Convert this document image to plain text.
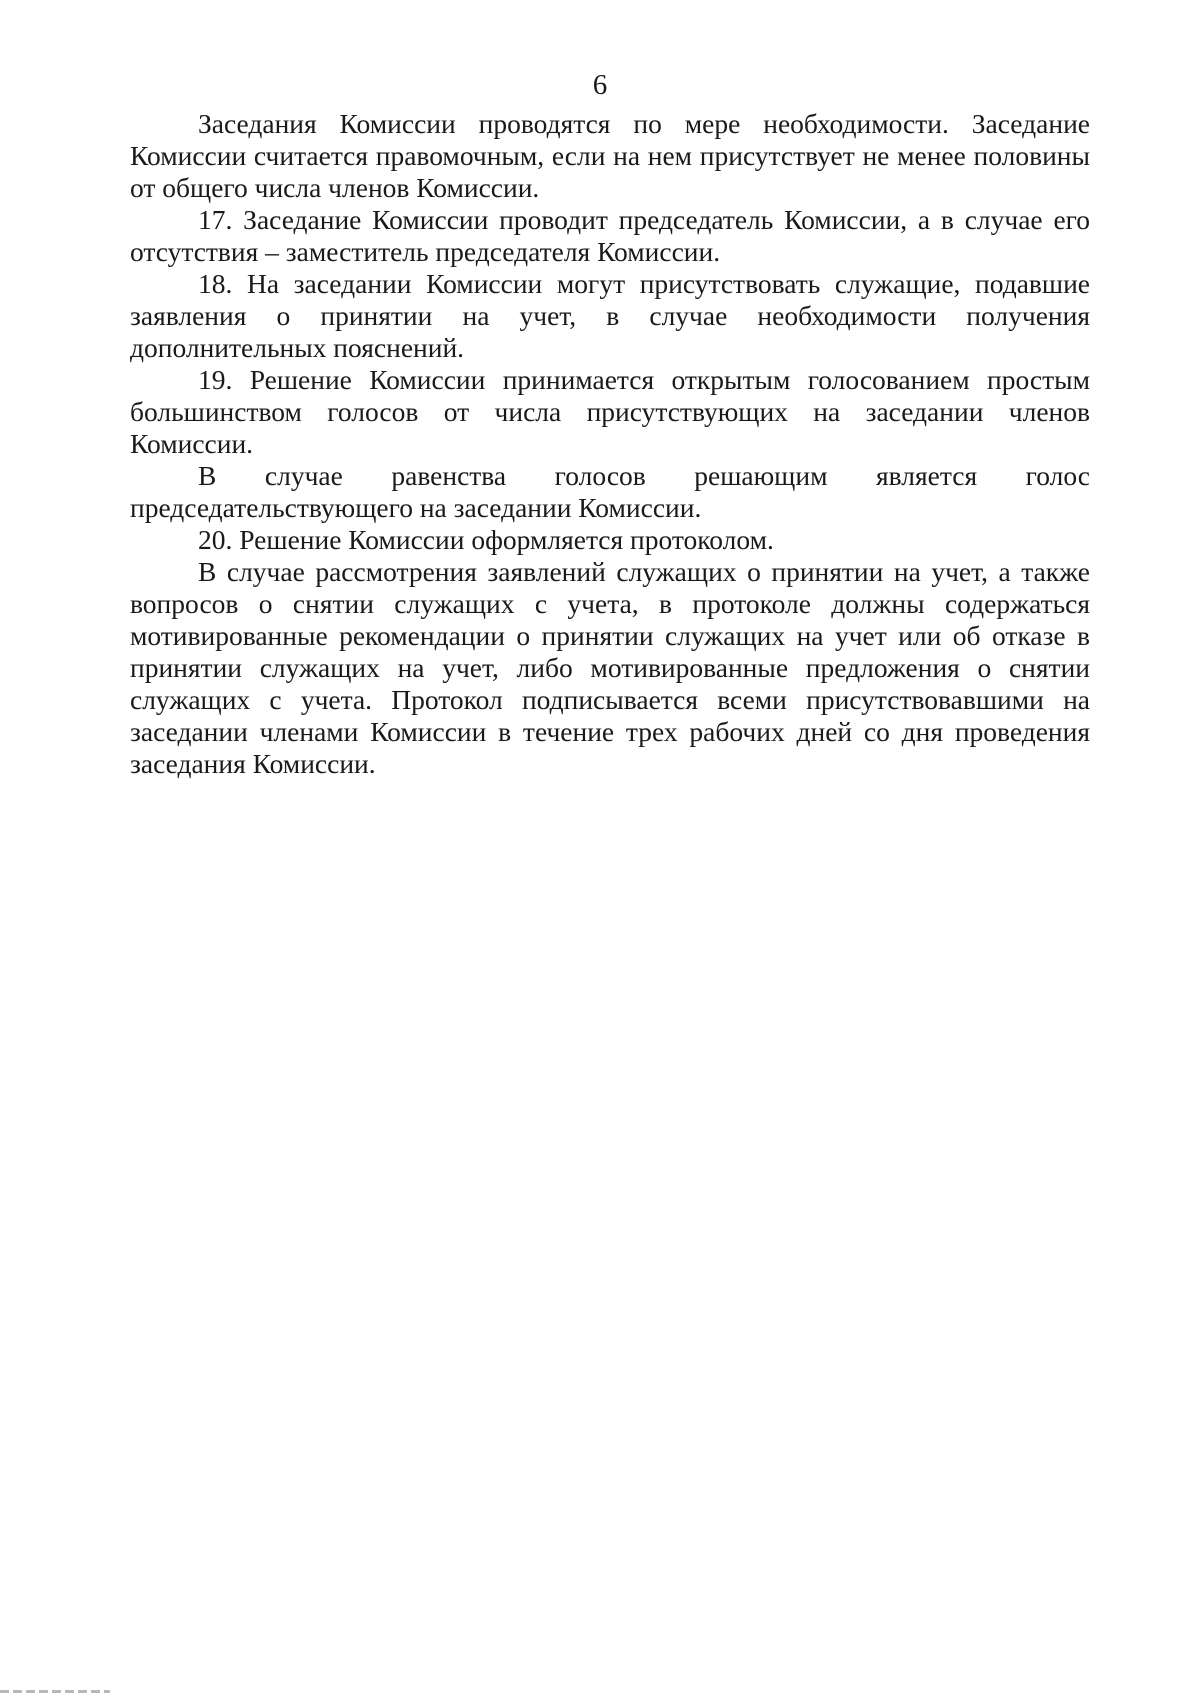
6

Заседания Комиссии проводятся по мере необходимости. Заседание Комиссии считается правомочным, если на нем присутствует не менее половины от общего числа членов Комиссии.

17. Заседание Комиссии проводит председатель Комиссии, а в случае его отсутствия – заместитель председателя Комиссии.

18. На заседании Комиссии могут присутствовать служащие, подавшие заявления о принятии на учет, в случае необходимости получения дополнительных пояснений.

19. Решение Комиссии принимается открытым голосованием простым большинством голосов от числа присутствующих на заседании членов Комиссии.

В случае равенства голосов решающим является голос председательствующего на заседании Комиссии.

20. Решение Комиссии оформляется протоколом.

В случае рассмотрения заявлений служащих о принятии на учет, а также вопросов о снятии служащих с учета, в протоколе должны содержаться мотивированные рекомендации о принятии служащих на учет или об отказе в принятии служащих на учет, либо мотивированные предложения о снятии служащих с учета. Протокол подписывается всеми присутствовавшими на заседании членами Комиссии в течение трех рабочих дней со дня проведения заседания Комиссии.
